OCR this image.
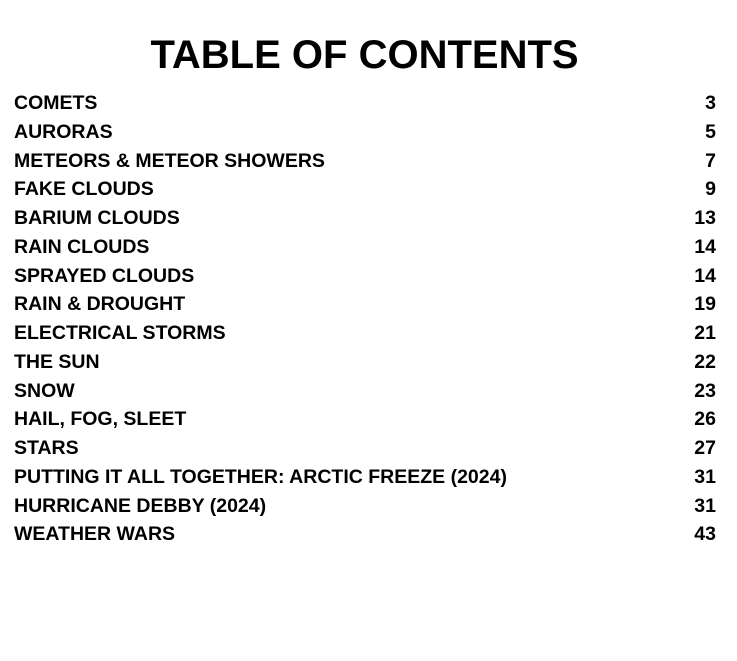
TABLE OF CONTENTS
COMETS	3
AURORAS	5
METEORS & METEOR SHOWERS	7
FAKE CLOUDS	9
BARIUM CLOUDS	13
RAIN CLOUDS	14
SPRAYED CLOUDS	14
RAIN & DROUGHT	19
ELECTRICAL STORMS	21
THE SUN	22
SNOW	23
HAIL, FOG, SLEET	26
STARS	27
PUTTING IT ALL TOGETHER: ARCTIC FREEZE (2024)	31
HURRICANE DEBBY (2024)	31
WEATHER WARS	43
